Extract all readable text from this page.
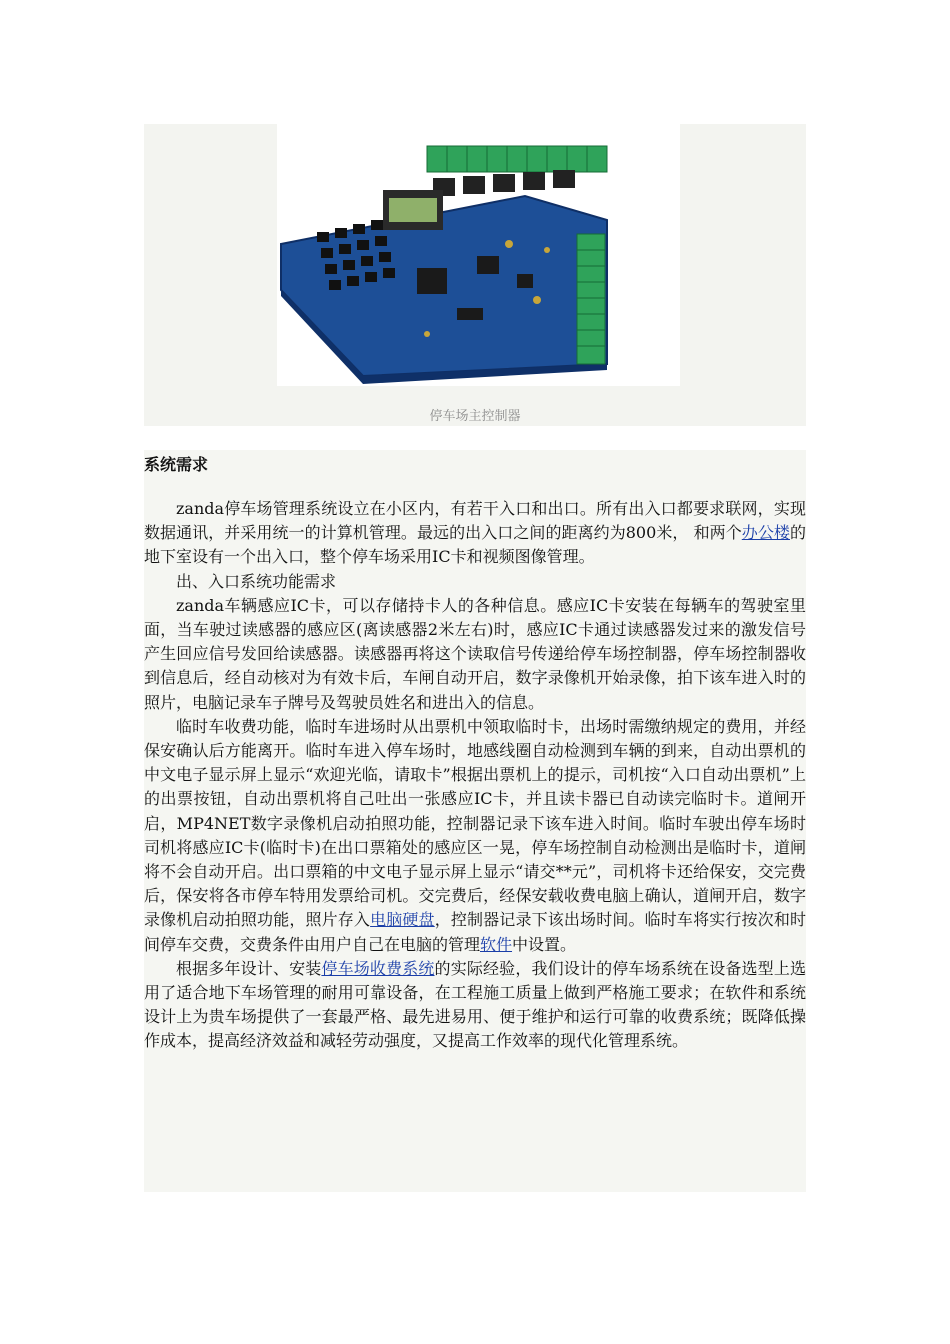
停车场主控制器
系统需求

zanda停车场管理系统设立在小区内，有若干入口和出口。所有出入口都要求联网，实现数据通讯，并采用统一的计算机管理。最远的出入口之间的距离约为800米， 和两个办公楼的地下室设有一个出入口，整个停车场采用IC卡和视频图像管理。

出、入口系统功能需求

zanda车辆感应IC卡，可以存储持卡人的各种信息。感应IC卡安装在每辆车的驾驶室里面，当车驶过读感器的感应区(离读感器2米左右)时，感应IC卡通过读感器发过来的激发信号产生回应信号发回给读感器。读感器再将这个读取信号传递给停车场控制器，停车场控制器收到信息后，经自动核对为有效卡后，车闸自动开启，数字录像机开始录像，拍下该车进入时的照片，电脑记录车子牌号及驾驶员姓名和进出入的信息。

临时车收费功能，临时车进场时从出票机中领取临时卡，出场时需缴纳规定的费用，并经保安确认后方能离开。临时车进入停车场时，地感线圈自动检测到车辆的到来，自动出票机的中文电子显示屏上显示“欢迎光临，请取卡”根据出票机上的提示，司机按“入口自动出票机”上的出票按钮，自动出票机将自己吐出一张感应IC卡，并且读卡器已自动读完临时卡。道闸开启，MP4NET数字录像机启动拍照功能，控制器记录下该车进入时间。临时车驶出停车场时司机将感应IC卡(临时卡)在出口票箱处的感应区一晃，停车场控制自动检测出是临时卡，道闸将不会自动开启。出口票箱的中文电子显示屏上显示“请交**元”，司机将卡还给保安，交完费后，保安将各市停车特用发票给司机。交完费后，经保安载收费电脑上确认，道闸开启，数字录像机启动拍照功能，照片存入电脑硬盘，控制器记录下该出场时间。临时车将实行按次和时间停车交费，交费条件由用户自己在电脑的管理软件中设置。

根据多年设计、安装停车场收费系统的实际经验，我们设计的停车场系统在设备选型上选用了适合地下车场管理的耐用可靠设备，在工程施工质量上做到严格施工要求；在软件和系统设计上为贵车场提供了一套最严格、最先进易用、便于维护和运行可靠的收费系统；既降低操作成本，提高经济效益和减轻劳动强度，又提高工作效率的现代化管理系统。
